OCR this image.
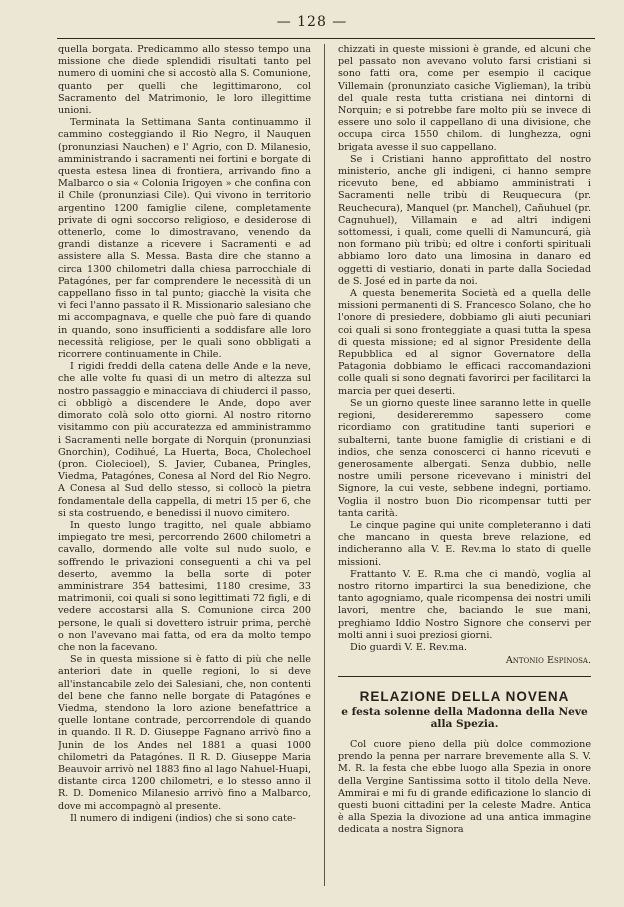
— 128 —

quella borgata. Predicammo allo stesso tempo una missione che diede splendidi risultati tanto pel numero di uomini che si accostò alla S. Comunione, quanto per quelli che legittimarono, col Sacramento del Matrimonio, le loro illegittime unioni.

Terminata la Settimana Santa continuammo il cammino costeggiando il Rio Negro, il Nauquen (pronunziasi Nauchen) e l' Agrio, con D. Milanesio, amministrando i sacramenti nei fortini e borgate di questa estesa linea di frontiera, arrivando fino a Malbarco o sia « Colonia Irigoyen » che confina con il Chile (pronunziasi Cile). Qui vivono in territorio argentino 1200 famiglie cilene, completamente private di ogni soccorso religioso, e desiderose di ottenerlo, come lo dimostravano, venendo da grandi distanze a ricevere i Sacramenti e ad assistere alla S. Messa. Basta dire che stanno a circa 1300 chilometri dalla chiesa parrocchiale di Patagónes, per far comprendere le necessità di un cappellano fisso in tal punto; giacchè la visita che vi feci l'anno passato il R. Missionario salesiano che mi accompagnava, e quelle che può fare di quando in quando, sono insufficienti a soddisfare alle loro necessità religiose, per le quali sono obbligati a ricorrere continuamente in Chile.

I rigidi freddi della catena delle Ande e la neve, che alle volte fu quasi di un metro di altezza sul nostro passaggio e minacciava di chiuderci il passo, ci obbligò a discendere le Ande, dopo aver dimorato colà solo otto giorni. Al nostro ritorno visitammo con più accuratezza ed amministrammo i Sacramenti nelle borgate di Norquin (pronunziasi Gnorchin), Codihué, La Huerta, Boca, Cholechoel (pron. Ciolecioel), S. Javier, Cubanea, Pringles, Viedma, Patagónes, Conesa al Nord del Rio Negro. A Conesa al Sud dello stesso, si collocò la pietra fondamentale della cappella, di metri 15 per 6, che si sta costruendo, e benedissi il nuovo cimitero.

In questo lungo tragitto, nel quale abbiamo impiegato tre mesi, percorrendo 2600 chilometri a cavallo, dormendo alle volte sul nudo suolo, e soffrendo le privazioni conseguenti a chi va pel deserto, avemmo la bella sorte di poter amministrare 354 battesimi, 1180 cresime, 33 matrimonii, coi quali si sono legittimati 72 figli, e di vedere accostarsi alla S. Comunione circa 200 persone, le quali si dovettero istruir prima, perchè o non l'avevano mai fatta, od era da molto tempo che non la facevano.

Se in questa missione si è fatto di più che nelle anteriori date in quelle regioni, lo si deve all'instancabile zelo dei Salesiani, che, non contenti del bene che fanno nelle borgate di Patagónes e Viedma, stendono la loro azione benefattrice a quelle lontane contrade, percorrendole di quando in quando. Il R. D. Giuseppe Fagnano arrivò fino a Junin de los Andes nel 1881 a quasi 1000 chilometri da Patagónes. Il R. D. Giuseppe Maria Beauvoir arrivò nel 1883 fino al lago Nahuel-Huapi, distante circa 1200 chilometri, e lo stesso anno il R. D. Domenico Milanesio arrivò fino a Malbarco, dove mi accompagnò al presente.

Il numero di indigeni (indios) che si sono cate-

chizzati in queste missioni è grande, ed alcuni che pel passato non avevano voluto farsi cristiani si sono fatti ora, come per esempio il cacique Villemain (pronunziato casiche Viglieman), la tribù del quale resta tutta cristiana nei dintorni di Norquin; e si potrebbe fare molto più se invece di essere uno solo il cappellano di una divisione, che occupa circa 1550 chilom. di lunghezza, ogni brigata avesse il suo cappellano.

Se i Cristiani hanno approfittato del nostro ministerio, anche gli indigeni, ci hanno sempre ricevuto bene, ed abbiamo amministrati i Sacramenti nelle tribù di Reuquecura (pr. Reuchecura), Manquel (pr. Manchel), Cañuhuel (pr. Cagnuhuel), Villamain e ad altri indigeni sottomessi, i quali, come quelli di Namuncurá, già non formano più tribù; ed oltre i conforti spirituali abbiamo loro dato una limosina in danaro ed oggetti di vestiario, donati in parte dalla Sociedad de S. José ed in parte da noi.

A questa benemerita Società ed a quella delle missioni permanenti di S. Francesco Solano, che ho l'onore di presiedere, dobbiamo gli aiuti pecuniari coi quali si sono fronteggiate a quasi tutta la spesa di questa missione; ed al signor Presidente della Repubblica ed al signor Governatore della Patagonia dobbiamo le efficaci raccomandazioni colle quali si sono degnati favorirci per facilitarci la marcia per quei deserti.

Se un giorno queste linee saranno lette in quelle regioni, desidereremmo sapessero come ricordiamo con gratitudine tanti superiori e subalterni, tante buone famiglie di cristiani e di indios, che senza conoscerci ci hanno ricevuti e generosamente albergati. Senza dubbio, nelle nostre umili persone ricevevano i ministri del Signore, la cui veste, sebbene indegni, portiamo. Voglia il nostro buon Dio ricompensar tutti per tanta carità.

Le cinque pagine qui unite completeranno i dati che mancano in questa breve relazione, ed indicheranno alla V. E. Rev.ma lo stato di quelle missioni.

Frattanto V. E. R.ma che ci mandò, voglia al nostro ritorno impartirci la sua benedizione, che tanto agogniamo, quale ricompensa dei nostri umili lavori, mentre che, baciando le sue mani, preghiamo Iddio Nostro Signore che conservi per molti anni i suoi preziosi giorni.

Dio guardi V. E. Rev.ma.

Antonio Espinosa.
RELAZIONE DELLA NOVENA
e festa solenne della Madonna della Neve alla Spezia.

Col cuore pieno della più dolce commozione prendo la penna per narrare brevemente alla S. V. M. R. la festa che ebbe luogo alla Spezia in onore della Vergine Santissima sotto il titolo della Neve. Ammirai e mi fu di grande edificazione lo slancio di questi buoni cittadini per la celeste Madre. Antica è alla Spezia la divozione ad una antica immagine dedicata a nostra Signora
